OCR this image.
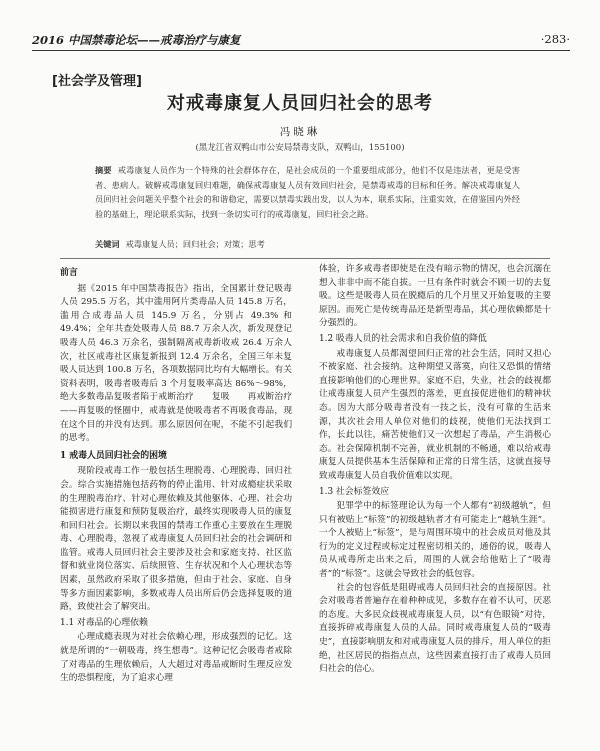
2016 中国禁毒论坛——戒毒治疗与康复	·283·
[社会学及管理]
对戒毒康复人员回归社会的思考
冯晓琳
(黑龙江省双鸭山市公安局禁毒支队，双鸭山，155100)
摘要 戒毒康复人员作为一个特殊的社会群体存在，是社会成员的一个重要组成部分，他们不仅是违法者，更是受害者、患病人。破解戒毒康复回归难题，确保戒毒康复人员有效回归社会，是禁毒戒毒的目标和任务。解决戒毒康复人员回归社会问题关乎整个社会的和谐稳定，需要以禁毒实践出发，以人为本，联系实际，注重实效，在借鉴国内外经验的基础上，理论联系实际，找到一条切实可行的戒毒康复，回归社会之路。
关键词 戒毒康复人员；回归社会；对策；思考
前言

据《2015 年中国禁毒报告》指出，全国累计登记吸毒人员 295.5 万名，其中滥用阿片类毒品人员 145.8 万名，滥用合成毒品人员 145.9 万名，分别占 49.3% 和 49.4%；全年共查处吸毒人员 88.7 万余人次，新发现登记吸毒人员 46.3 万余名，强制隔离戒毒新收戒 26.4 万余人次，社区戒毒社区康复新报到 12.4 万余名，全国三年未复吸人员达到 100.8 万名，各项数据同比均有大幅增长。有关资料表明，吸毒者吸毒后 3 个月复吸率高达 86%～98%，绝大多数毒品复吸者陷于戒断治疗　　复吸　　再戒断治疗——再复吸的怪圈中，戒毒就是使吸毒者不再吸食毒品，现在这个目的并没有达到。那么原因何在呢，不能不引起我们的思考。

1 戒毒人员回归社会的困境

现阶段戒毒工作一般包括生理脱毒、心理脱毒、回归社会。综合实施措施包括药物的停止滥用、针对成瘾症状采取的生理脱毒治疗、针对心理依赖及其他躯体、心理、社会功能损害进行康复和预防复吸治疗，最终实现吸毒人员的康复和回归社会。长期以来我国的禁毒工作重心主要放在生理脱毒、心理脱毒，忽视了戒毒康复人员回归社会的社会调研和监管。戒毒人员回归社会主要涉及社会和家庭支持、社区监督和就业岗位落实、后续照管、生存状况和个人心理状态等因素，虽然政府采取了很多措施，但由于社会、家庭、自身等多方面因素影响，多数戒毒人员出所后仍会选择复吸的道路，致使社会了解突出。

1.1 对毒品的心理依赖

心理成瘾表现为对社会依赖心理，形成强烈的记忆。这就是所谓的“一朝吸毒，终生想毒”。这种记忆会吸毒者戒除了对毒品的生理依赖后，人大超过对毒品戒断时生理反应发生的恐惧程度，为了追求心理

体验，许多戒毒者即使是在没有暗示物的情况，也会沉溺在想入非非中而不能自拔。一旦有条件时就会不顾一切的去复吸。这些是吸毒人员在脱瘾后的几个月里又开始复吸的主要原因。而死亡是传统毒品还是新型毒品，其心理依赖都是十分强烈的。

1.2 吸毒人员的社会需求和自我价值的降低

戒毒康复人员都渴望回归正常的社会生活，同时又担心不被家庭、社会接纳。这种期望又落寞，向往又恐惧的情绪直接影响他们的心理世界。家庭不启，失业，社会的歧视都让戒毒康复人员产生强烈的落差，更直接促进他们的精神状态。因为大部分吸毒者没有一技之长，没有可靠的生活来源，其次社会用人单位对他们的歧视，使他们无法找到工作，长此以往，痛苦使他们又一次想起了毒品，产生消极心态。社会保障机制不完善，就业机制的不畅通，难以给戒毒康复人员提供基本生活保障和正常的日常生活，这就直接导致戒毒康复人员自我价值难以实现。

1.3 社会标签效应

犯罪学中的标签理论认为每一个人都有“初级越轨”，但只有被贴上“标签”的初级越轨者才有可能走上“越轨生涯”。一个人被贴上“标签”，是与周围环境中的社会成员对他及其行为的定义过程或标定过程密切相关的，通俗的说，吸毒人员从戒毒所走出来之后，周围的人就会给他贴上了“吸毒者”的“标签”。这就会导致社会的低包容。

社会的包容低是阻碍戒毒人员回归社会的直接原因。社会对吸毒者普遍存在着种种成见，多数存在着不认可，厌恶的态度。大多民众歧视戒毒康复人员，以“有色眼镜”对待，直接拆碎戒毒康复人员的人品。同时戒毒康复人员的“吸毒史”，直接影响朋友和对戒毒康复人员的排斥，用人单位的拒绝，社区居民的指指点点，这些因素直接打击了戒毒人员回归社会的信心。
